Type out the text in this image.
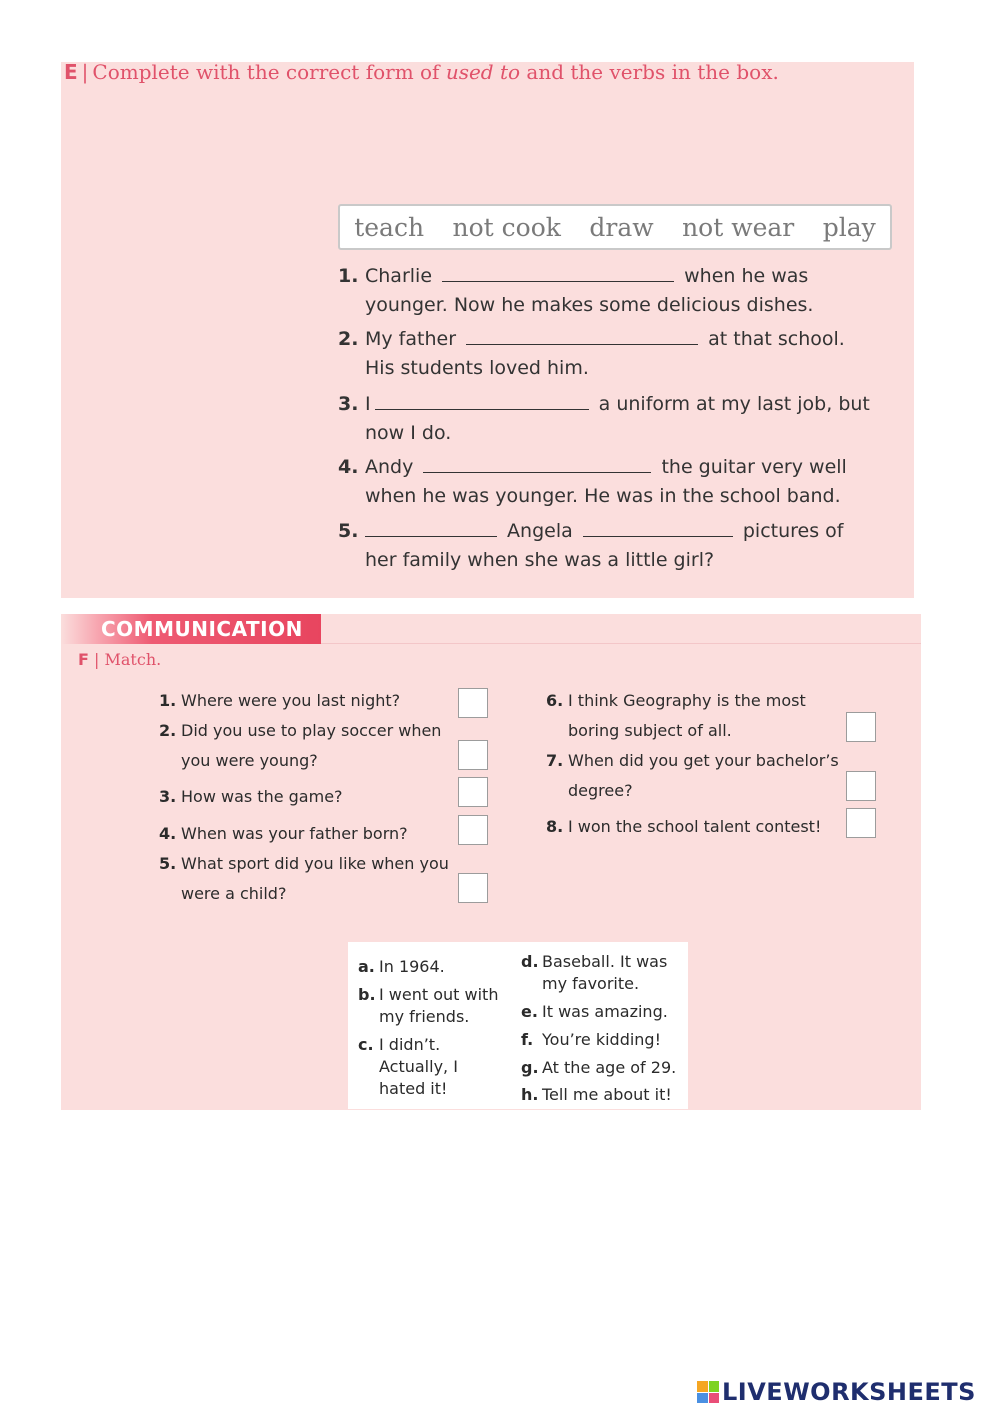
E | Complete with the correct form of used to and the verbs in the box.
teach not cook draw not wear play
1. Charlie	when he was
younger. Now he makes some delicious dishes.
2. My father	at that school.
His students loved him.
3. I	a uniform at my last job, but
now I do.
4. Andy	the guitar very well
when he was younger. He was in the school band.
5.	Angela	pictures of
her family when she was a little girl?
COMMUNICATION
F | Match.
1. Where were you last night?
2. Did you use to play soccer when
you were young?
3. How was the game?
4. When was your father born?
5. What sport did you like when you
were a child?
6. I think Geography is the most
boring subject of all.
7. When did you get your bachelor’s
degree?
8. I won the school talent contest!
a. In 1964.
b. I went out with
my friends.
c. I didn’t.
Actually, I
hated it!
d. Baseball. It was
my favorite.
e. It was amazing.
f. You’re kidding!
g. At the age of 29.
h. Tell me about it!
LIVEWORKSHEETS
